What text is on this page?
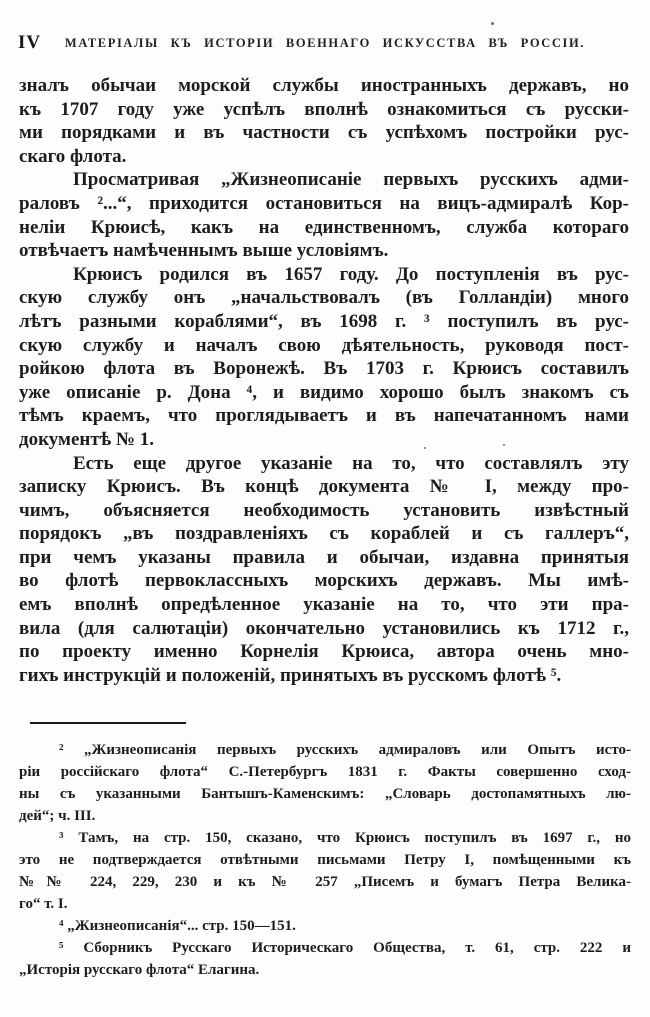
IV	МАТЕРІАЛЫ КЪ ИСТОРІИ ВОЕННАГО ИСКУССТВА ВЪ РОССІИ.
зналъ обычаи морской службы иностранныхъ державъ, но
къ 1707 году уже успѣлъ вполнѣ ознакомиться съ русски-
ми порядками и въ частности съ успѣхомъ постройки рус-
скаго флота.
Просматривая „Жизнеописаніе первыхъ русскихъ адми-
раловъ ²...“, приходится остановиться на вицъ-адмиралѣ Кор-
неліи Крюисѣ, какъ на единственномъ, служба котораго
отвѣчаетъ намѣченнымъ выше условіямъ.
Крюисъ родился въ 1657 году. До поступленія въ рус-
скую службу онъ „начальствовалъ (въ Голландіи) много
лѣтъ разными кораблями“, въ 1698 г. ³ поступилъ въ рус-
скую службу и началъ свою дѣятельность, руководя пост-
ройкою флота въ Воронежѣ. Въ 1703 г. Крюисъ составилъ
уже описаніе р. Дона ⁴, и видимо хорошо былъ знакомъ съ
тѣмъ краемъ, что проглядываетъ и въ напечатанномъ нами
документѣ № 1.
Есть еще другое указаніе на то, что составлялъ эту
записку Крюисъ. Въ концѣ документа № I, между про-
чимъ, объясняется необходимость установить извѣстный
порядокъ „въ поздравленіяхъ съ кораблей и съ галлеръ“,
при чемъ указаны правила и обычаи, издавна принятыя
во флотѣ первоклассныхъ морскихъ державъ. Мы имѣ-
емъ вполнѣ опредѣленное указаніе на то, что эти пра-
вила (для салютаціи) окончательно установились къ 1712 г.,
по проекту именно Корнелія Крюиса, автора очень мно-
гихъ инструкцій и положеній, принятыхъ въ русскомъ флотѣ ⁵.
² „Жизнеописанія первыхъ русскихъ адмираловъ или Опытъ исто-
ріи россійскаго флота“ С.-Петербургъ 1831 г. Факты совершенно сход-
ны съ указанными Бантышъ-Каменскимъ: „Словарь достопамятныхъ лю-
дей“; ч. III.
³ Тамъ, на стр. 150, сказано, что Крюисъ поступилъ въ 1697 г., но
это не подтверждается отвѣтными письмами Петру I, помѣщенными къ
№№ 224, 229, 230 и къ № 257 „Писемъ и бумагъ Петра Велика-
го“ т. I.
⁴ „Жизнеописанія“... стр. 150—151.
⁵ Сборникъ Русскаго Историческаго Общества, т. 61, стр. 222 и
„Исторія русскаго флота“ Елагина.
